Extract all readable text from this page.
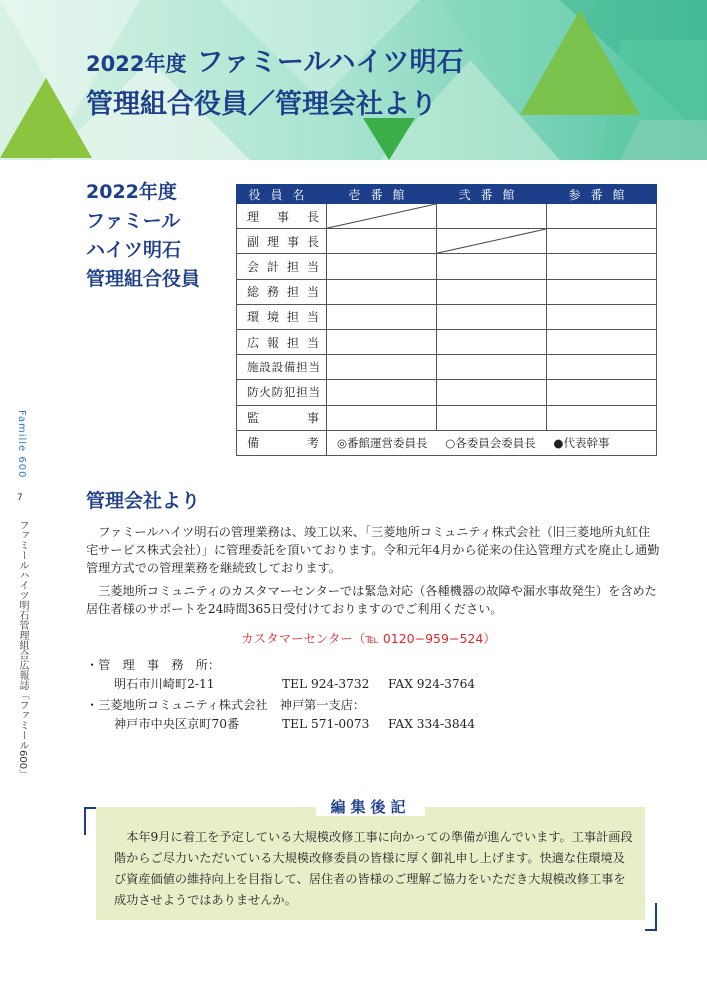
2022年度 ファミールハイツ明石
管理組合役員／管理会社より
Famille 600
7
ファミールハイツ明石管理組合広報誌「ファミール600」
2022年度
ファミール
ハイツ明石
管理組合役員
役員名	壱番館	弐番館	参番館
理事長	

副理事長		

会計担当			
総務担当			
環境担当			
広報担当			
施設設備担当			
防火防犯担当			
監事			
備考	◎番館運営委員長 ○各委員会委員長 ●代表幹事		
管理会社より

ファミールハイツ明石の管理業務は、竣工以来、「三菱地所コミュニティ株式会社（旧三菱地所丸紅住宅サービス株式会社）」に管理委託を頂いております。令和元年4月から従来の住込管理方式を廃止し通勤管理方式での管理業務を継続致しております。

三菱地所コミュニティのカスタマーセンターでは緊急対応（各種機器の故障や漏水事故発生）を含めた居住者様のサポートを24時間365日受付けておりますのでご利用ください。

カスタマーセンター（℡ 0120−959−524）
・管　理　事　務　所：
明石市川崎町2-11	TEL 924-3732 FAX 924-3764
・三菱地所コミュニティ株式会社　神戸第一支店：
神戸市中央区京町70番	TEL 571-0073 FAX 334-3844
編集後記

本年9月に着工を予定している大規模改修工事に向かっての準備が進んでいます。工事計画段階からご尽力いただいている大規模改修委員の皆様に厚く御礼申し上げます。快適な住環境及び資産価値の維持向上を目指して、居住者の皆様のご理解ご協力をいただき大規模改修工事を成功させようではありませんか。
